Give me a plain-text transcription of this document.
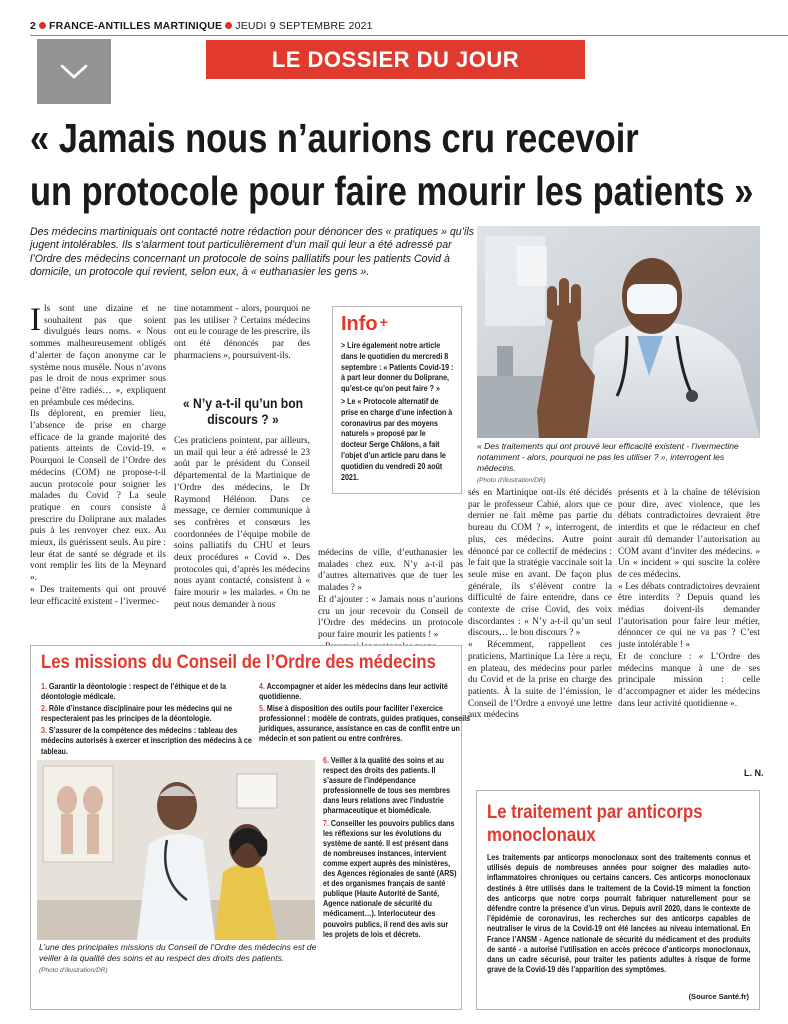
2 FRANCE-ANTILLES MARTINIQUE JEUDI 9 SEPTEMBRE 2021
LE DOSSIER DU JOUR
« Jamais nous n’aurions cru recevoir
un protocole pour faire mourir les patients »
Des médecins martiniquais ont contacté notre rédaction pour dénoncer des « pratiques » qu’ils jugent intolérables. Ils s’alarment tout particulièrement d’un mail qui leur a été adressé par l’Ordre des médecins concernant un protocole de soins palliatifs pour les patients Covid à domicile, un protocole qui revient, selon eux, à « euthanasier les gens ».

Ils sont une dizaine et ne souhaitent pas que soient divulgués leurs noms. « Nous sommes malheureusement obligés d’alerter de façon anonyme car le système nous musèle. Nous n’avons pas le droit de nous exprimer sous peine d’être radiés… », expliquent en préambule ces médecins.

Ils déplorent, en premier lieu, l’absence de prise en charge efficace de la grande majorité des patients atteints de Covid-19. « Pourquoi le Conseil de l’Ordre des médecins (COM) ne propose-t-il aucun protocole pour soigner les malades du Covid ? La seule pratique en cours consiste à prescrire du Doliprane aux malades puis à les renvoyer chez eux. Au mieux, ils guérissent seuls. Au pire : leur état de santé se dégrade et ils vont remplir les lits de la Meynard ».

« Des traitements qui ont prouvé leur efficacité existent - l’ivermec-

tine notamment - alors, pourquoi ne pas les utiliser ? Certains médecins ont eu le courage de les prescrire, ils ont été dénoncés par des pharmaciens », poursuivent-ils.

« N’y a-t-il qu’un bon discours ? »

Ces praticiens pointent, par ailleurs, un mail qui leur a été adressé le 23 août par le président du Conseil départemental de la Martinique de l’Ordre des médecins, le Dr Raymond Hélénon. Dans ce message, ce dernier communique à ses confrères et consœurs les coordonnées de l’équipe mobile de soins palliatifs du CHU et leurs deux procédures « Covid ». Des protocoles qui, d’après les médecins nous ayant contacté, consistent à « faire mourir » les malades. « On ne peut nous demander à nous

Info +

> Lire également notre article dans le quotidien du mercredi 8 septembre : « Patients Covid-19 : à part leur donner du Doliprane, qu’est-ce qu’on peut faire ? »

> Le « Protocole alternatif de prise en charge d’une infection à coronavirus par des moyens naturels » proposé par le docteur Serge Châlons, a fait l’objet d’un article paru dans le quotidien du vendredi 20 août 2021.

« Des traitements qui ont prouvé leur efficacité existent - l’ivermectine notamment - alors, pourquoi ne pas les utiliser ? », interrogent les médecins.
(Photo d’illustration/DR)

médecins de ville, d’euthanasier les malades chez eux. N’y a-t-il pas d’autres alternatives que de tuer les malades ? »

Et d’ajouter : « Jamais nous n’aurions cru un jour recevoir du Conseil de l’Ordre des médecins un protocole pour faire mourir les patients ! »

sés en Martinique ont-ils été décidés par le professeur Cabié, alors que ce dernier ne fait même pas partie du bureau du COM ? », interrogent, de plus, ces médecins. Autre point dénoncé par ce collectif de médecins : le fait que la stratégie vaccinale soit la seule mise en avant. De façon plus générale, ils s’élèvent contre la difficulté de faire entendre, dans ce contexte de crise Covid, des voix discordantes : « N’y a-t-il qu’un seul discours… le bon discours ? »

« Récemment, rappellent ces praticiens, Martinique La 1ère a reçu, en plateau, des médecins pour parler du Covid et de la prise en charge des patients. À la suite de l’émission, le Conseil de l’Ordre a envoyé une lettre aux médecins

présents et à la chaîne de télévision pour dire, avec violence, que les débats contradictoires devraient être interdits et que le rédacteur en chef aurait dû demander l’autorisation au COM avant d’inviter des médecins. » Un « incident » qui suscite la colère de ces médecins.

« Les débats contradictoires devraient être interdits ? Depuis quand les médias doivent-ils demander l’autorisation pour faire leur métier, dénoncer ce qui ne va pas ? C’est juste intolérable ! »

Et de conclure : « L’Ordre des médecins manque à une de ses principale mission : celle d’accompagner et aider les médecins dans leur activité quotidienne ».

L. N.
Les missions du Conseil de l’Ordre des médecins

1. Garantir la déontologie : respect de l’éthique et de la déontologie médicale.

2. Rôle d’instance disciplinaire pour les médecins qui ne respecteraient pas les principes de la déontologie.

3. S’assurer de la compétence des médecins : tableau des médecins autorisés à exercer et inscription des médecins à ce tableau.

4. Accompagner et aider les médecins dans leur activité quotidienne.

5. Mise à disposition des outils pour faciliter l’exercice professionnel : modèle de contrats, guides pratiques, conseils juridiques, assurance, assistance en cas de conflit entre un médecin et son patient ou entre confrères.

6. Veiller à la qualité des soins et au respect des droits des patients. Il s’assure de l’indépendance professionnelle de tous ses membres dans leurs relations avec l’industrie pharmaceutique et biomédicale.

7. Conseiller les pouvoirs publics dans les réflexions sur les évolutions du système de santé. Il est présent dans de nombreuses instances, intervient comme expert auprès des ministères, des Agences régionales de santé (ARS) et des organismes français de santé publique (Haute Autorité de Santé, Agence nationale de sécurité du médicament…). Interlocuteur des pouvoirs publics, il rend des avis sur les projets de lois et décrets.

L’une des principales missions du Conseil de l’Ordre des médecins est de veiller à la qualité des soins et au respect des droits des patients.
(Photo d’illustration/DR)
Le traitement par anticorps monoclonaux
Les traitements par anticorps monoclonaux sont des traitements connus et utilisés depuis de nombreuses années pour soigner des maladies auto-inflammatoires chroniques ou certains cancers. Ces anticorps monoclonaux destinés à être utilisés dans le traitement de la Covid-19 miment la fonction des anticorps que notre corps pourrait fabriquer naturellement pour se défendre contre la présence d’un virus. Depuis avril 2020, dans le contexte de l’épidémie de coronavirus, les recherches sur des anticorps capables de neutraliser le virus de la Covid-19 ont été lancées au niveau international. En France l’ANSM - Agence nationale de sécurité du médicament et des produits de santé - a autorisé l’utilisation en accès précoce d’anticorps monoclonaux, dans un cadre sécurisé, pour traiter les patients adultes à risque de forme grave de la Covid-19 dès l’apparition des symptômes.
(Source Santé.fr)
